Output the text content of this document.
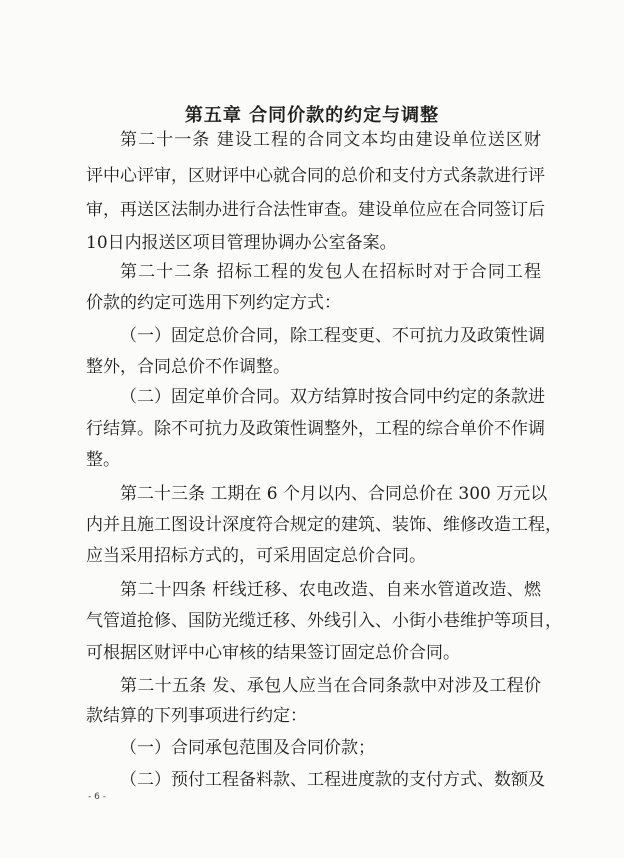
第五章 合同价款的约定与调整
第二十一条 建设工程的合同文本均由建设单位送区财
评中心评审，区财评中心就合同的总价和支付方式条款进行评
审，再送区法制办进行合法性审查。建设单位应在合同签订后
10日内报送区项目管理协调办公室备案。
第二十二条 招标工程的发包人在招标时对于合同工程
价款的约定可选用下列约定方式：
（一）固定总价合同，除工程变更、不可抗力及政策性调
整外，合同总价不作调整。
（二）固定单价合同。双方结算时按合同中约定的条款进
行结算。除不可抗力及政策性调整外，工程的综合单价不作调
整。
第二十三条 工期在 6 个月以内、合同总价在 300 万元以
内并且施工图设计深度符合规定的建筑、装饰、维修改造工程，
应当采用招标方式的，可采用固定总价合同。
第二十四条 杆线迁移、农电改造、自来水管道改造、燃
气管道抢修、国防光缆迁移、外线引入、小街小巷维护等项目，
可根据区财评中心审核的结果签订固定总价合同。
第二十五条 发、承包人应当在合同条款中对涉及工程价
款结算的下列事项进行约定：
（一）合同承包范围及合同价款；
（二）预付工程备料款、工程进度款的支付方式、数额及
- 6 -
